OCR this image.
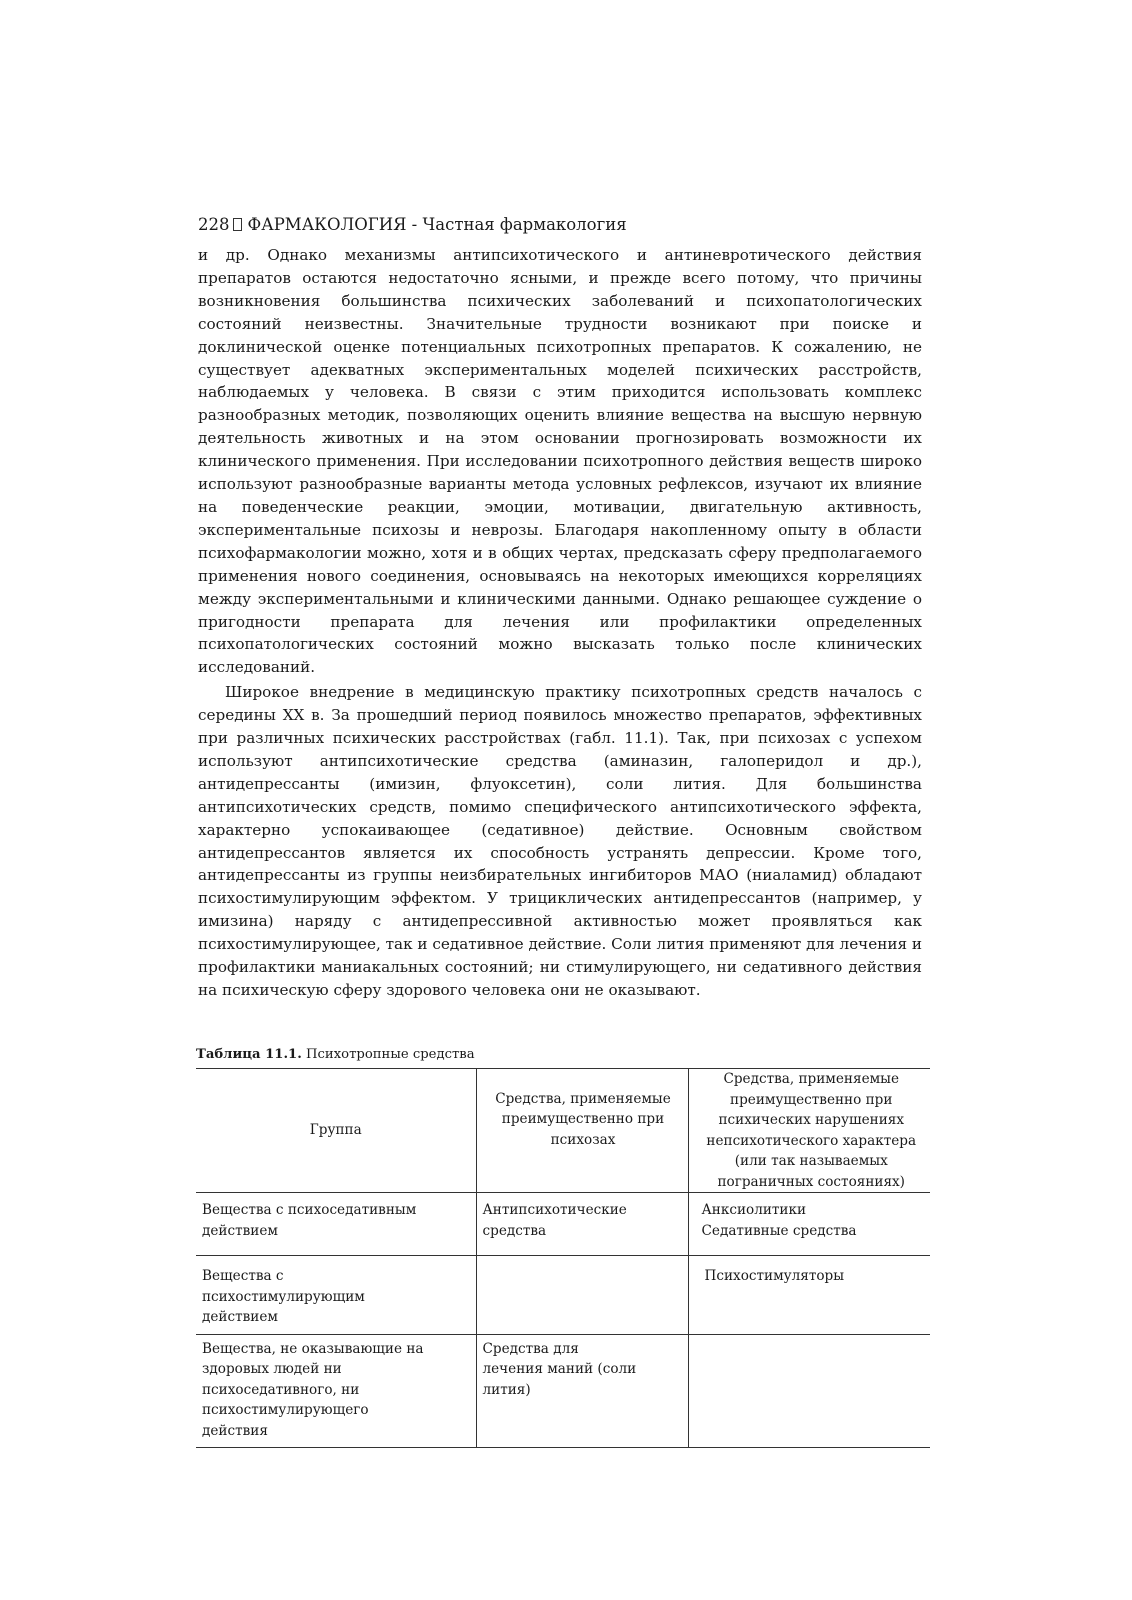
228 ФАРМАКОЛОГИЯ - Частная фармакология

и др. Однако механизмы антипсихотического и антиневротического действия препаратов остаются недостаточно ясными, и прежде всего потому, что причины возникновения большинства психических заболеваний и психопатологических состояний неизвестны. Значительные трудности возникают при поиске и доклинической оценке потенциальных психотропных препаратов. К сожалению, не существует адекватных экспериментальных моделей психических расстройств, наблюдаемых у человека. В связи с этим приходится использовать комплекс разнообразных методик, позволяющих оценить влияние вещества на высшую нервную деятельность животных и на этом основании прогнозировать возможности их клинического применения. При исследовании психотропного действия веществ широко используют разнообразные варианты метода условных рефлексов, изучают их влияние на поведенческие реакции, эмоции, мотивации, двигательную активность, экспериментальные психозы и неврозы. Благодаря накопленному опыту в области психофармакологии можно, хотя и в общих чертах, предсказать сферу предполагаемого применения нового соединения, основываясь на некоторых имеющихся корреляциях между экспериментальными и клиническими данными. Однако решающее суждение о пригодности препарата для лечения или профилактики определенных психопатологических состояний можно высказать только после клинических исследований.

Широкое внедрение в медицинскую практику психотропных средств началось с середины XX в. За прошедший период появилось множество препаратов, эффективных при различных психических расстройствах (габл. 11.1). Так, при психозах с успехом используют антипсихотические средства (аминазин, галоперидол и др.), антидепрессанты (имизин, флуоксетин), соли лития. Для большинства антипсихотических средств, помимо специфического антипсихотического эффекта, характерно успокаивающее (седативное) действие. Основным свойством антидепрессантов является их способность устранять депрессии. Кроме того, антидепрессанты из группы неизбирательных ингибиторов МАО (ниаламид) обладают психостимулирующим эффектом. У трициклических антидепрессантов (например, у имизина) наряду с антидепрессивной активностью может проявляться как психостимулирующее, так и седативное действие. Соли лития применяют для лечения и профилактики маниакальных состояний; ни стимулирующего, ни седативного действия на психическую сферу здорового человека они не оказывают.

Таблица 11.1. Психотропные средства

Группа	Средства, применяемые преимущественно при психозах	Средства, применяемые преимущественно при психических нарушениях непсихотического характера (или так называемых пограничных состояниях)
Вещества с психоседативным действием	Антипсихотические средства	Анксиолитики
Седативные средства

Вещества с психостимулирующим действием		Психостимуляторы

Вещества, не оказывающие на здоровых людей ни психоседативного, ни психостимулирующего действия	Средства для лечения маний (соли лития)	
